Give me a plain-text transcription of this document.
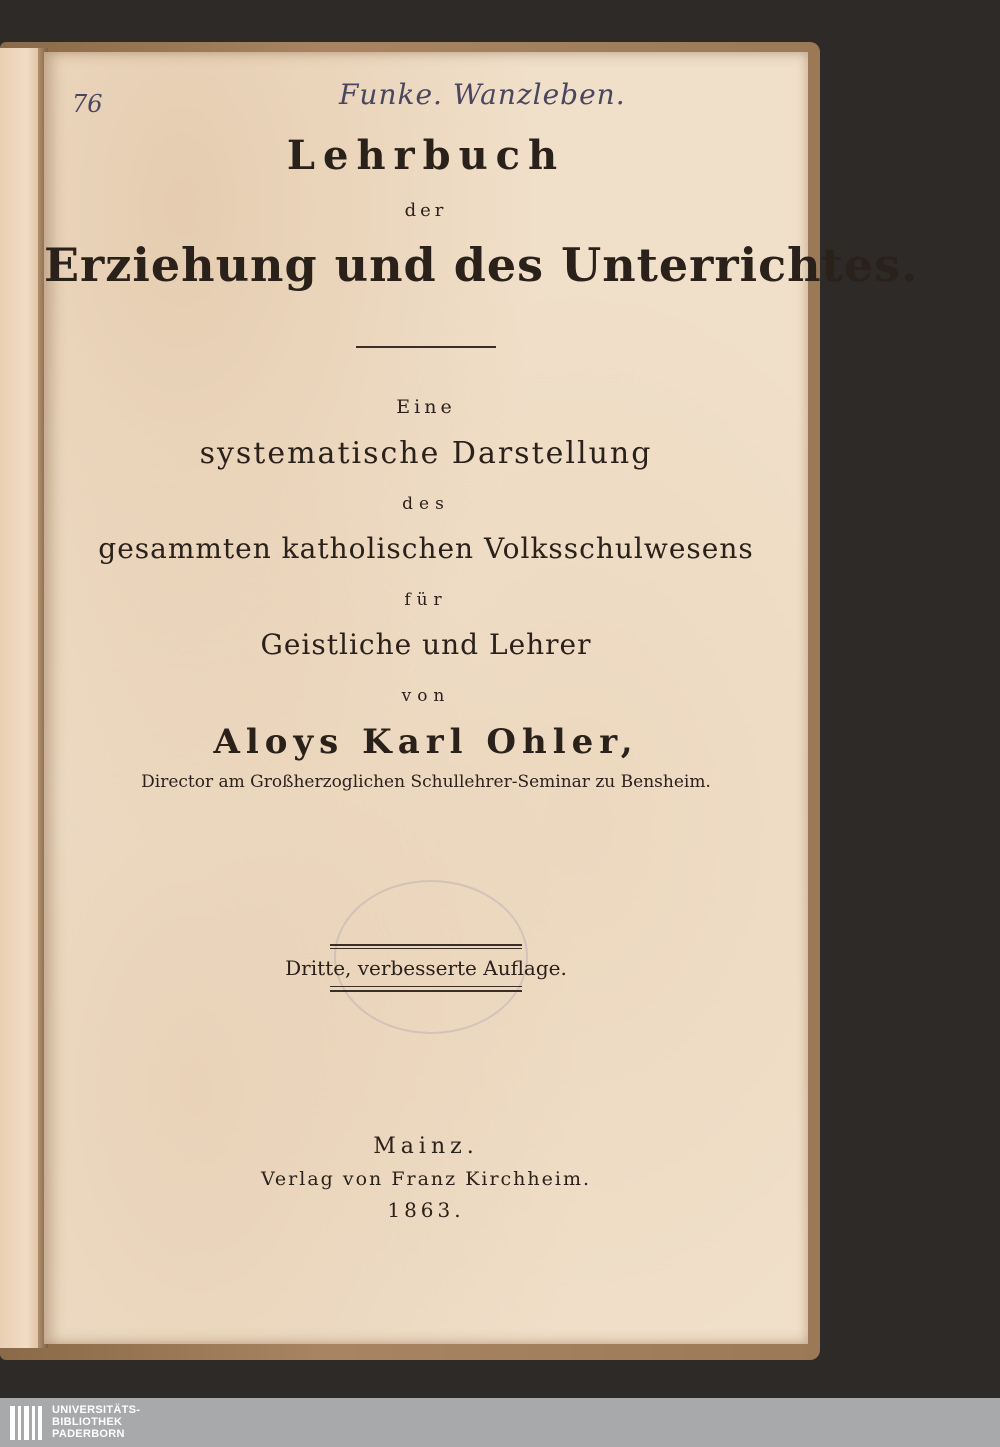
76	Funke. Wanzleben.
Lehrbuch
der
Erziehung und des Unterrichtes.
Eine
systematische Darstellung
des
gesammten katholischen Volksschulwesens
für
Geistliche und Lehrer
von
Aloys Karl Ohler,
Director am Großherzoglichen Schullehrer-Seminar zu Bensheim.
Dritte, verbesserte Auflage.
Mainz.
Verlag von Franz Kirchheim.
1863.
UNIVERSITÄTS-
BIBLIOTHEK
PADERBORN
